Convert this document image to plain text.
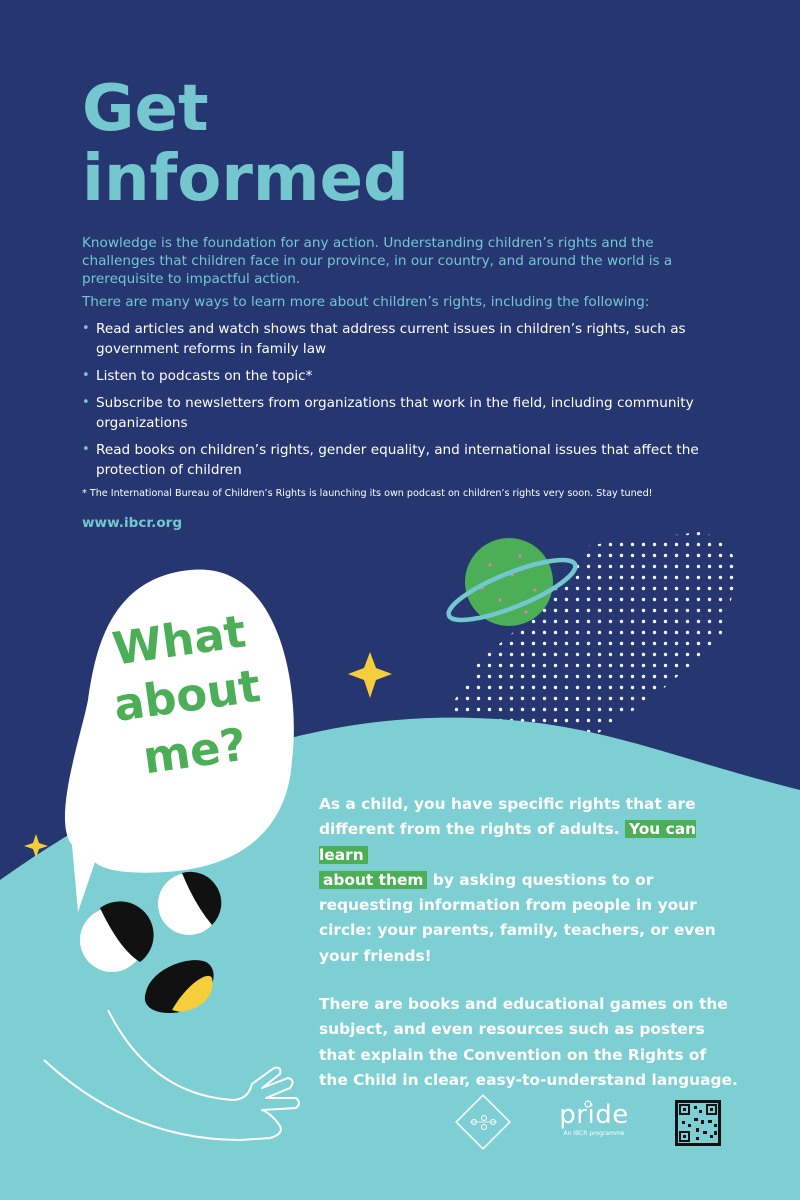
Get
informed

Knowledge is the foundation for any action. Understanding children’s rights and the challenges that children face in our province, in our country, and around the world is a prerequisite to impactful action.

There are many ways to learn more about children’s rights, including the following:

• Read articles and watch shows that address current issues in children’s rights, such as government reforms in family law
• Listen to podcasts on the topic*
• Subscribe to newsletters from organizations that work in the field, including community organizations
• Read books on children’s rights, gender equality, and international issues that affect the protection of children

* The International Bureau of Children’s Rights is launching its own podcast on children’s rights very soon. Stay tuned!

www.ibcr.org

What
about
me?

As a child, you have specific rights that are different from the rights of adults. You can learn
about them by asking questions to or requesting information from people in your circle: your parents, family, teachers, or even your friends!

There are books and educational games on the subject, and even resources such as posters that explain the Convention on the Rights of the Child in clear, easy-to-understand language.

pride
An IBCR programme
